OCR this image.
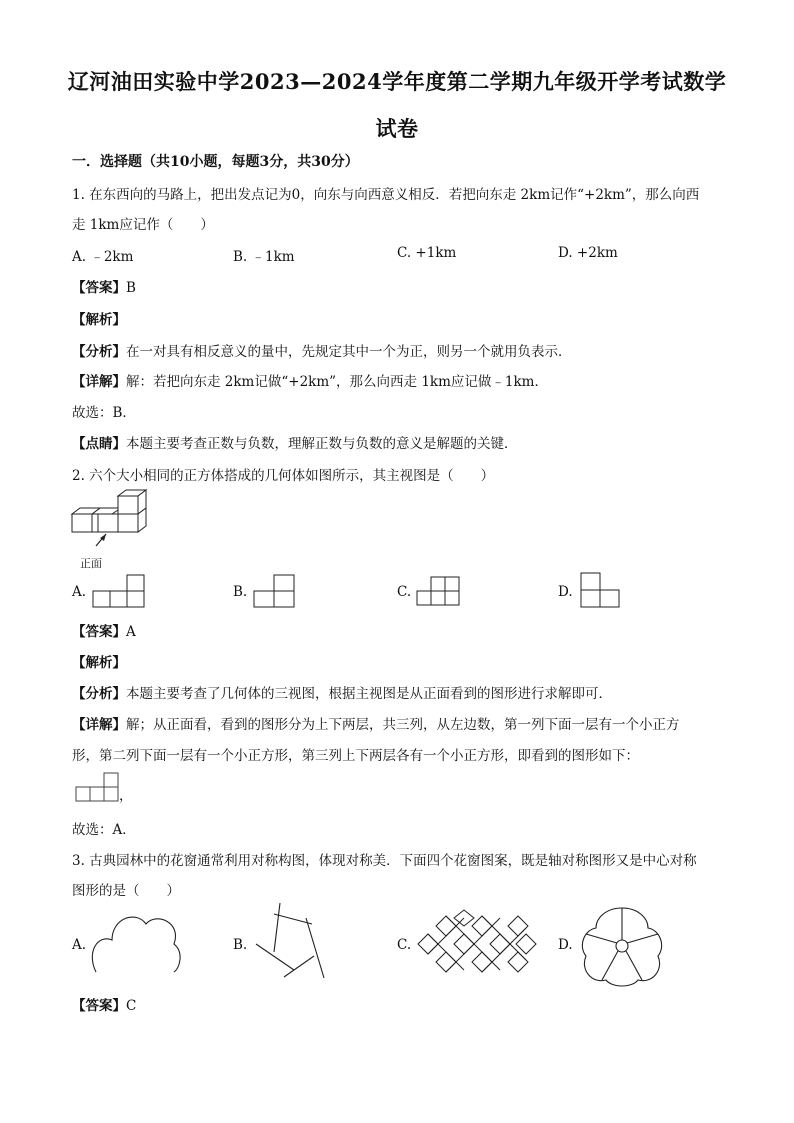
辽河油田实验中学2023—2024学年度第二学期九年级开学考试数学
试卷
一．选择题（共10小题，每题3分，共30分）
1. 在东西向的马路上，把出发点记为0，向东与向西意义相反．若把向东走 2km记作“+2km”，那么向西
走 1km应记作（　　）
A. ﹣2km	B. ﹣1km	C. +1km	D. +2km
【答案】B
【解析】
【分析】在一对具有相反意义的量中，先规定其中一个为正，则另一个就用负表示．
【详解】解：若把向东走 2km记做“+2km”，那么向西走 1km应记做﹣1km．
故选：B．
【点睛】本题主要考查正数与负数，理解正数与负数的意义是解题的关键．
2. 六个大小相同的正方体搭成的几何体如图所示，其主视图是（　　）
正面
A.	B.	C.	D.
【答案】A
【解析】
【分析】本题主要考查了几何体的三视图，根据主视图是从正面看到的图形进行求解即可．
【详解】解；从正面看，看到的图形分为上下两层，共三列，从左边数，第一列下面一层有一个小正方
形，第二列下面一层有一个小正方形，第三列上下两层各有一个小正方形，即看到的图形如下：
，
故选：A．
3. 古典园林中的花窗通常利用对称构图，体现对称美．下面四个花窗图案，既是轴对称图形又是中心对称
图形的是（　　）
A.	B.	C.	D.
【答案】C
